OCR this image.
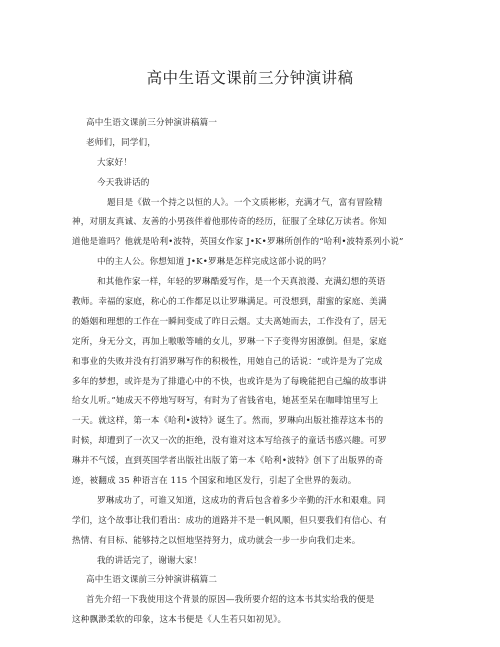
高中生语文课前三分钟演讲稿
高中生语文课前三分钟演讲稿篇一
老师们，同学们，
大家好！
今天我讲话的
题目是《做一个持之以恒的人》。一个文质彬彬，充满才气，富有冒险精
神，对朋友真诚、友善的小男孩伴着他那传奇的经历，征服了全球亿万读者。你知
道他是谁吗？他就是哈利•波特，英国女作家 J•K•罗琳所创作的“哈利•波特系列小说”
中的主人公。你想知道 J•K•罗琳是怎样完成这部小说的吗？
和其他作家一样，年轻的罗琳酷爱写作，是一个天真浪漫、充满幻想的英语
教师。幸福的家庭，称心的工作都足以让罗琳满足。可没想到，甜蜜的家庭、美满
的婚姻和理想的工作在一瞬间变成了昨日云烟。丈夫离她而去，工作没有了，居无
定所，身无分文，再加上嗷嗷等哺的女儿，罗琳一下子变得穷困潦倒。但是，家庭
和事业的失败并没有打消罗琳写作的积极性，用她自己的话说：“或许是为了完成
多年的梦想，或许是为了排遣心中的不快，也或许是为了每晚能把自己编的故事讲
给女儿听。”她成天不停地写呀写，有时为了省钱省电，她甚至呆在咖啡馆里写上
一天。就这样，第一本《哈利•波特》诞生了。然而，罗琳向出版社推荐这本书的
时候，却遭到了一次又一次的拒绝，没有谁对这本写给孩子的童话书感兴趣。可罗
琳并不气馁，直到英国学者出版社出版了第一本《哈利•波特》创下了出版界的奇
迹，被翻成 35 种语言在 115 个国家和地区发行，引起了全世界的轰动。
罗琳成功了，可谁又知道，这成功的背后包含着多少辛勤的汗水和艰难。同
学们，这个故事让我们看出：成功的道路并不是一帆风顺，但只要我们有信心、有
热情、有目标、能够持之以恒地坚持努力，成功就会一步一步向我们走来。
我的讲话完了，谢谢大家！
高中生语文课前三分钟演讲稿篇二
首先介绍一下我使用这个背景的原因—我所要介绍的这本书其实给我的便是
这种飘渺柔软的印象，这本书便是《人生若只如初见》。
